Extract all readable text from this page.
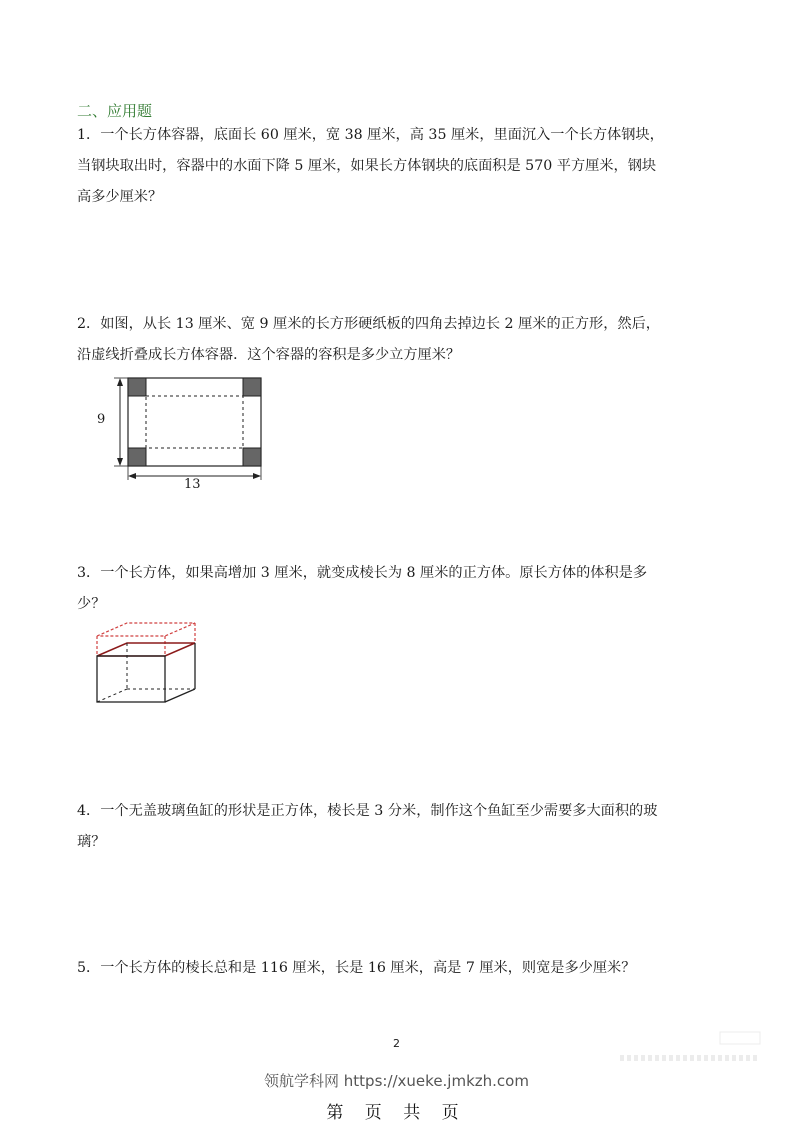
二、应用题
1．一个长方体容器，底面长 60 厘米，宽 38 厘米，高 35 厘米，里面沉入一个长方体钢块，
当钢块取出时，容器中的水面下降 5 厘米，如果长方体钢块的底面积是 570 平方厘米，钢块
高多少厘米？
2．如图，从长 13 厘米、宽 9 厘米的长方形硬纸板的四角去掉边长 2 厘米的正方形，然后，
沿虚线折叠成长方体容器．这个容器的容积是多少立方厘米？
9
13
3．一个长方体，如果高增加 3 厘米，就变成棱长为 8 厘米的正方体。原长方体的体积是多
少？
4．一个无盖玻璃鱼缸的形状是正方体，棱长是 3 分米，制作这个鱼缸至少需要多大面积的玻
璃？
5．一个长方体的棱长总和是 116 厘米，长是 16 厘米，高是 7 厘米，则宽是多少厘米？
2
领航学科网 https://xueke.jmkzh.com
第 页 共 页
